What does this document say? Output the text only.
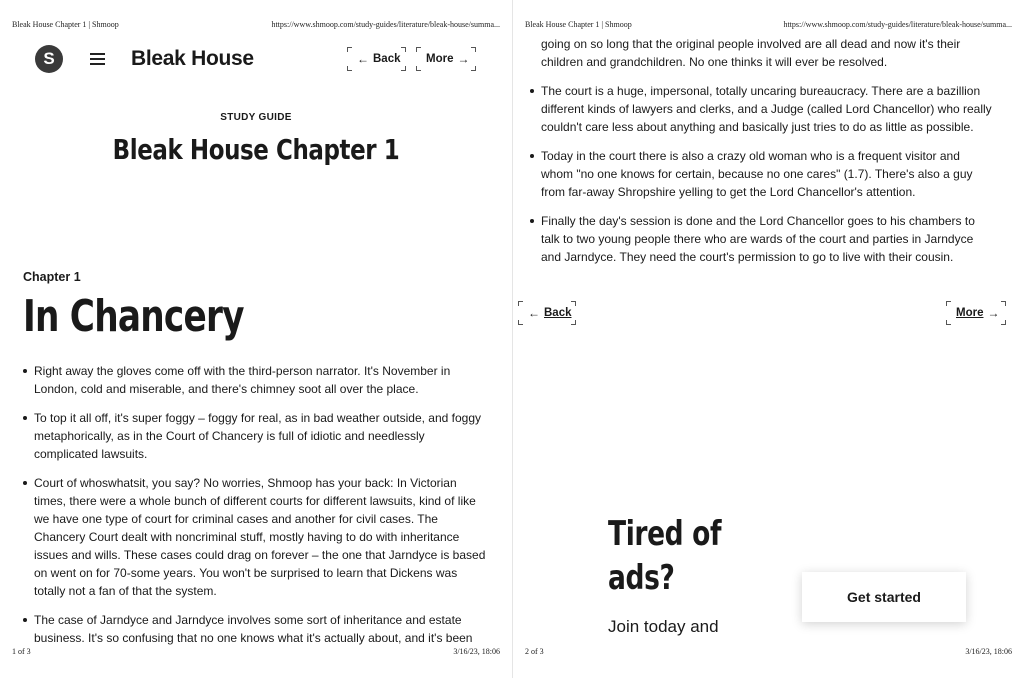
Bleak House Chapter 1 | Shmoop	https://www.shmoop.com/study-guides/literature/bleak-house/summa...
S	Bleak House	← Back More →
STUDY GUIDE
Bleak House Chapter 1
Chapter 1
In Chancery
Right away the gloves come off with the third-person narrator. It's November in London, cold and miserable, and there's chimney soot all over the place.
To top it all off, it's super foggy – foggy for real, as in bad weather outside, and foggy metaphorically, as in the Court of Chancery is full of idiotic and needlessly complicated lawsuits.
Court of whoswhatsit, you say? No worries, Shmoop has your back: In Victorian times, there were a whole bunch of different courts for different lawsuits, kind of like we have one type of court for criminal cases and another for civil cases. The Chancery Court dealt with noncriminal stuff, mostly having to do with inheritance issues and wills. These cases could drag on forever – the one that Jarndyce is based on went on for 70-some years. You won't be surprised to learn that Dickens was totally not a fan of that the system.
The case of Jarndyce and Jarndyce involves some sort of inheritance and estate business. It's so confusing that no one knows what it's actually about, and it's been
1 of 3	3/16/23, 18:06
Bleak House Chapter 1 | Shmoop	https://www.shmoop.com/study-guides/literature/bleak-house/summa...
2 of 3	3/16/23, 18:06
going on so long that the original people involved are all dead and now it's their children and grandchildren. No one thinks it will ever be resolved.
The court is a huge, impersonal, totally uncaring bureaucracy. There are a bazillion different kinds of lawyers and clerks, and a Judge (called Lord Chancellor) who really couldn't care less about anything and basically just tries to do as little as possible.
Today in the court there is also a crazy old woman who is a frequent visitor and whom "no one knows for certain, because no one cares" (1.7). There's also a guy from far-away Shropshire yelling to get the Lord Chancellor's attention.
Finally the day's session is done and the Lord Chancellor goes to his chambers to talk to two young people there who are wards of the court and parties in Jarndyce and Jarndyce. They need the court's permission to go to live with their cousin.
← Back	More →
Tired of
ads?
Join today and
Get started
